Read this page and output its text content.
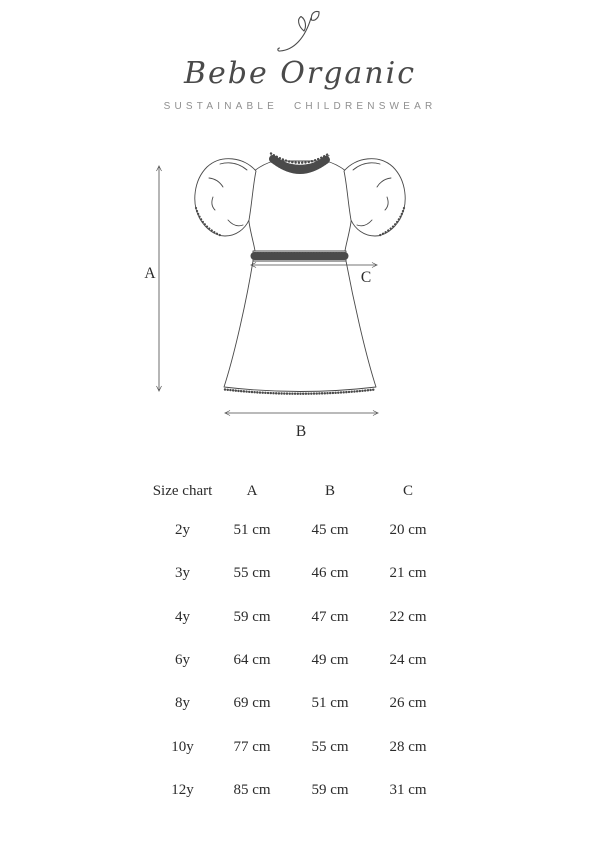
Bebe Organic
SUSTAINABLE CHILDRENSWEAR
A	C
B
Size chart	A	B	C
2y	51 cm	45 cm	20 cm
3y	55 cm	46 cm	21 cm
4y	59 cm	47 cm	22 cm
6y	64 cm	49 cm	24 cm
8y	69 cm	51 cm	26 cm
10y	77 cm	55 cm	28 cm
12y	85 cm	59 cm	31 cm
